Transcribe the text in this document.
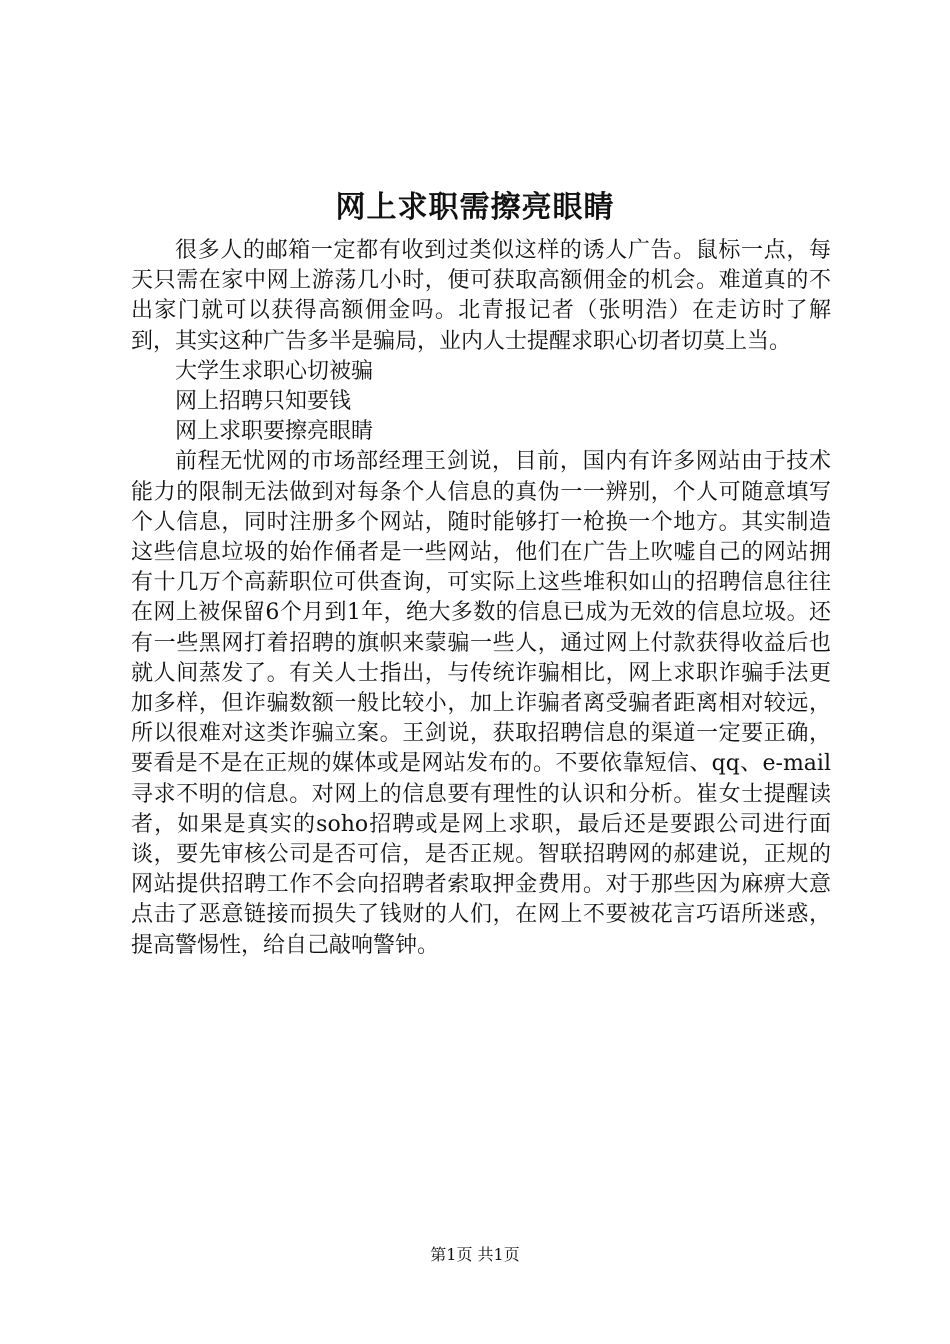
网上求职需擦亮眼睛

很多人的邮箱一定都有收到过类似这样的诱人广告。鼠标一点，每天只需在家中网上游荡几小时，便可获取高额佣金的机会。难道真的不出家门就可以获得高额佣金吗。北青报记者（张明浩）在走访时了解到，其实这种广告多半是骗局，业内人士提醒求职心切者切莫上当。

大学生求职心切被骗

网上招聘只知要钱

网上求职要擦亮眼睛

前程无忧网的市场部经理王剑说，目前，国内有许多网站由于技术能力的限制无法做到对每条个人信息的真伪一一辨别，个人可随意填写个人信息，同时注册多个网站，随时能够打一枪换一个地方。其实制造这些信息垃圾的始作俑者是一些网站，他们在广告上吹嘘自己的网站拥有十几万个高薪职位可供查询，可实际上这些堆积如山的招聘信息往往在网上被保留6个月到1年，绝大多数的信息已成为无效的信息垃圾。还有一些黑网打着招聘的旗帜来蒙骗一些人，通过网上付款获得收益后也就人间蒸发了。有关人士指出，与传统诈骗相比，网上求职诈骗手法更加多样，但诈骗数额一般比较小，加上诈骗者离受骗者距离相对较远，所以很难对这类诈骗立案。王剑说，获取招聘信息的渠道一定要正确，要看是不是在正规的媒体或是网站发布的。不要依靠短信、qq、e-mail寻求不明的信息。对网上的信息要有理性的认识和分析。崔女士提醒读者，如果是真实的soho招聘或是网上求职，最后还是要跟公司进行面谈，要先审核公司是否可信，是否正规。智联招聘网的郝建说，正规的网站提供招聘工作不会向招聘者索取押金费用。对于那些因为麻痹大意点击了恶意链接而损失了钱财的人们，在网上不要被花言巧语所迷惑，提高警惕性，给自己敲响警钟。

第1页 共1页
